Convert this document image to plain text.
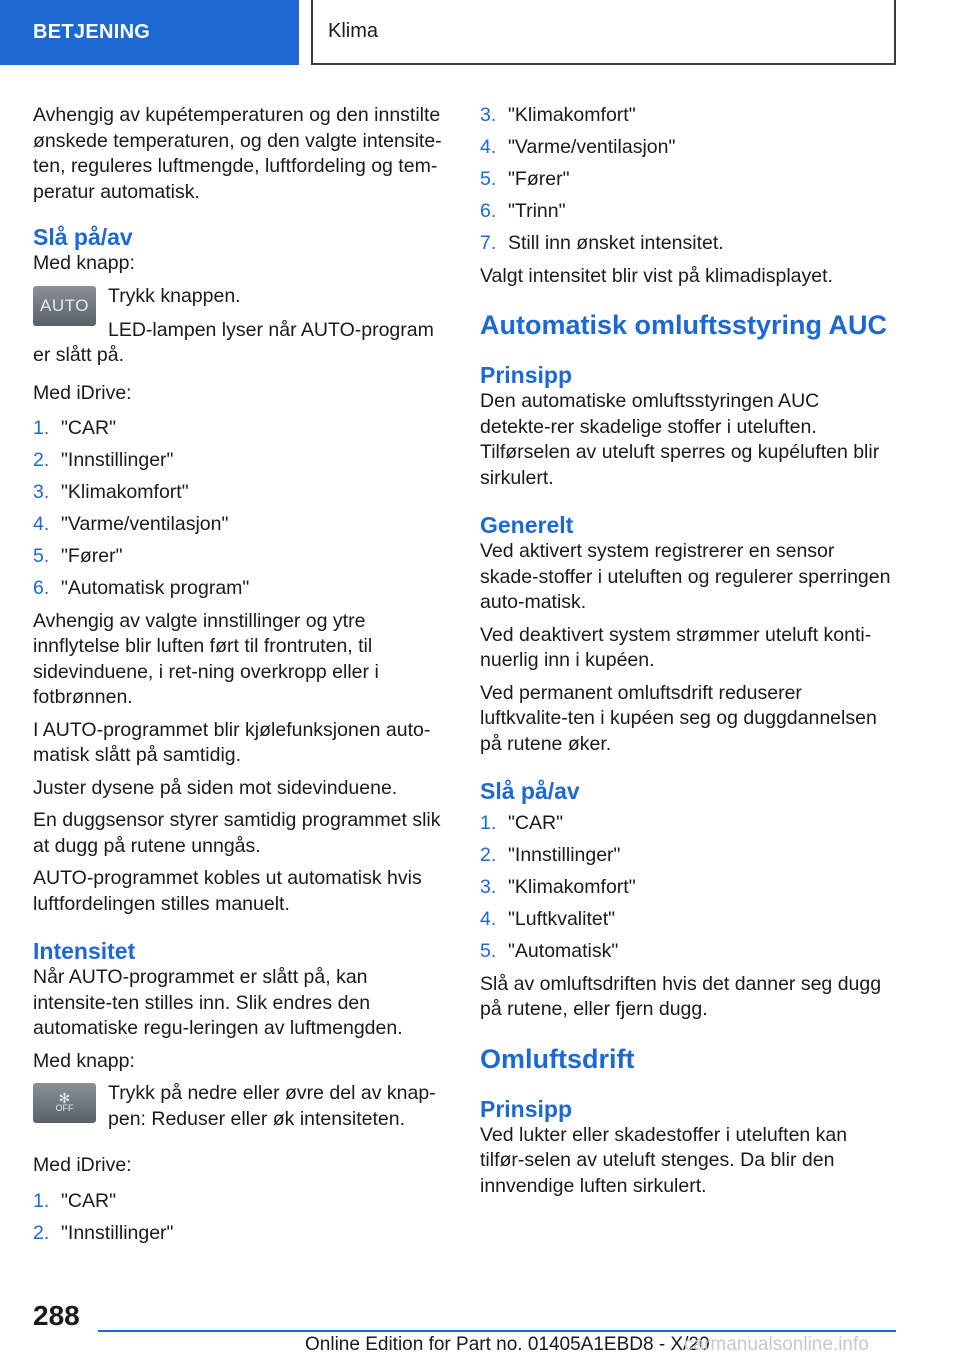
BETJENING	Klima

Avhengig av kupétemperaturen og den innstilte ønskede temperaturen, og den valgte intensite-ten, reguleres luftmengde, luftfordeling og tem-peratur automatisk.

Slå på/av

Med knapp:

AUTO Trykk knappen.

LED-lampen lyser når AUTO-program er slått på.

Med iDrive:

1. "CAR"
2. "Innstillinger"
3. "Klimakomfort"
4. "Varme/ventilasjon"
5. "Fører"
6. "Automatisk program"

Avhengig av valgte innstillinger og ytre innflytelse blir luften ført til frontruten, til sidevinduene, i ret-ning overkropp eller i fotbrønnen.

I AUTO-programmet blir kjølefunksjonen auto-matisk slått på samtidig.

Juster dysene på siden mot sidevinduene.

En duggsensor styrer samtidig programmet slik at dugg på rutene unngås.

AUTO-programmet kobles ut automatisk hvis luftfordelingen stilles manuelt.

Intensitet

Når AUTO-programmet er slått på, kan intensite-ten stilles inn. Slik endres den automatiske regu-leringen av luftmengden.

Med knapp:

✻
OFF

Trykk på nedre eller øvre del av knap-pen: Reduser eller øk intensiteten.

Med iDrive:

1. "CAR"
2. "Innstillinger"
3. "Klimakomfort"
4. "Varme/ventilasjon"
5. "Fører"
6. "Trinn"
7. Still inn ønsket intensitet.

Valgt intensitet blir vist på klimadisplayet.

Automatisk omluftsstyring AUC
Prinsipp

Den automatiske omluftsstyringen AUC detekte-rer skadelige stoffer i uteluften. Tilførselen av uteluft sperres og kupéluften blir sirkulert.

Generelt

Ved aktivert system registrerer en sensor skade-stoffer i uteluften og regulerer sperringen auto-matisk.

Ved deaktivert system strømmer uteluft konti-nuerlig inn i kupéen.

Ved permanent omluftsdrift reduserer luftkvalite-ten i kupéen seg og duggdannelsen på rutene øker.

Slå på/av
1. "CAR"
2. "Innstillinger"
3. "Klimakomfort"
4. "Luftkvalitet"
5. "Automatisk"

Slå av omluftsdriften hvis det danner seg dugg på rutene, eller fjern dugg.

Omluftsdrift
Prinsipp

Ved lukter eller skadestoffer i uteluften kan tilfør-selen av uteluft stenges. Da blir den innvendige luften sirkulert.

288
Online Edition for Part no. 01405A1EBD8 - X/20
carmanualsonline.info
